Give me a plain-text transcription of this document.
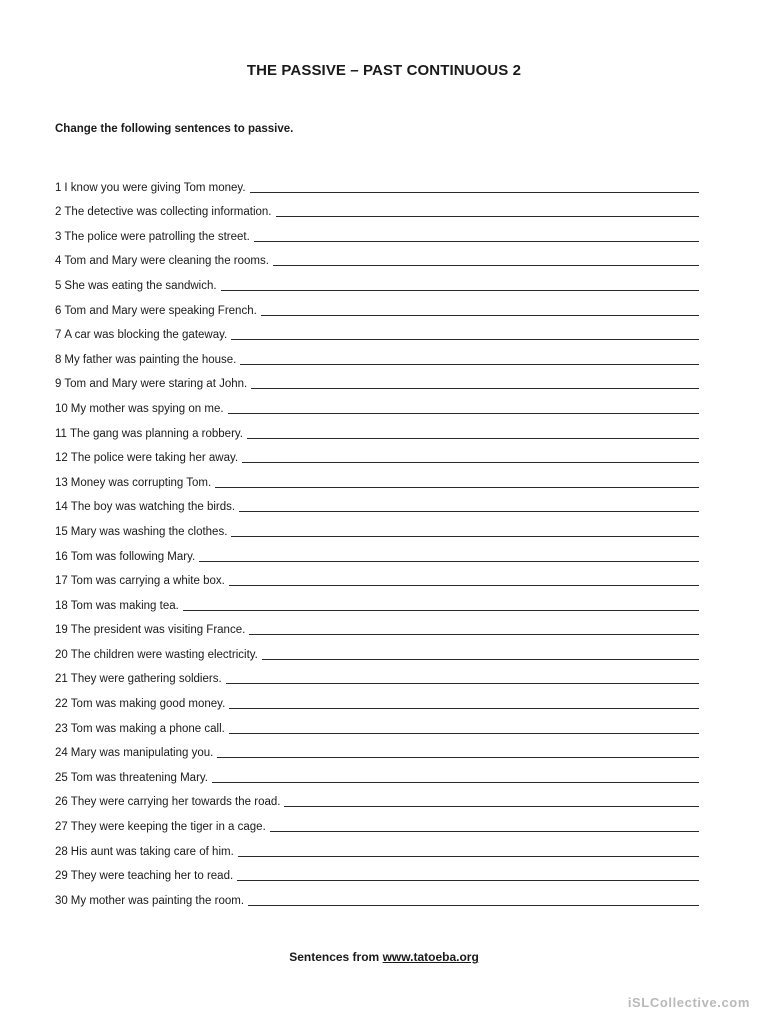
THE PASSIVE – PAST CONTINUOUS 2
Change the following sentences to passive.
1 I know you were giving Tom money.
2 The detective was collecting information.
3 The police were patrolling the street.
4 Tom and Mary were cleaning the rooms.
5 She was eating the sandwich.
6 Tom and Mary were speaking French.
7 A car was blocking the gateway.
8 My father was painting the house.
9 Tom and Mary were staring at John.
10 My mother was spying on me.
11 The gang was planning a robbery.
12 The police were taking her away.
13 Money was corrupting Tom.
14 The boy was watching the birds.
15 Mary was washing the clothes.
16 Tom was following Mary.
17 Tom was carrying a white box.
18 Tom was making tea.
19 The president was visiting France.
20 The children were wasting electricity.
21 They were gathering soldiers.
22 Tom was making good money.
23 Tom was making a phone call.
24 Mary was manipulating you.
25 Tom was threatening Mary.
26 They were carrying her towards the road.
27 They were keeping the tiger in a cage.
28 His aunt was taking care of him.
29 They were teaching her to read.
30 My mother was painting the room.
Sentences from www.tatoeba.org
iSLCollective.com
